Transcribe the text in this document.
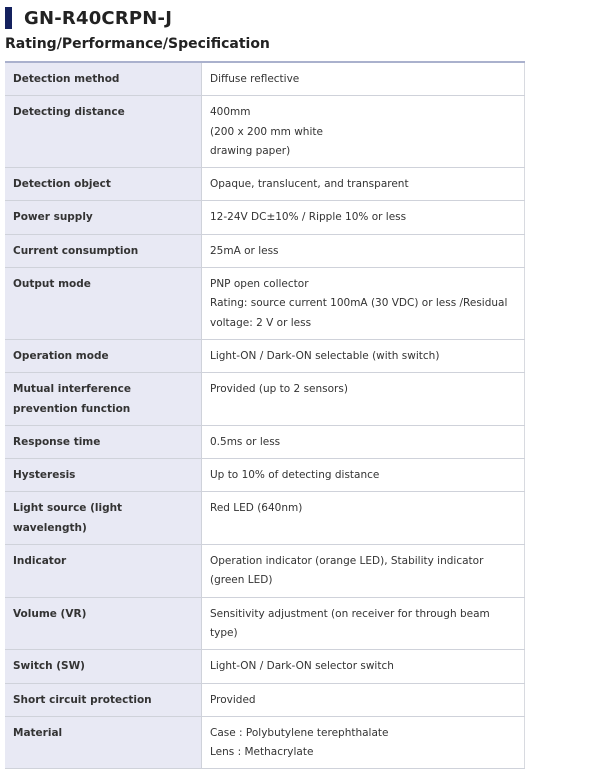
GN-R40CRPN-J
Rating/Performance/Specification
Detection method	Diffuse reflective

Detecting distance	400mm
(200 x 200 mm white
drawing paper)

Detection object	Opaque, translucent, and transparent

Power supply	12-24V DC±10% / Ripple 10% or less

Current consumption	25mA or less

Output mode	PNP open collector
Rating: source current 100mA (30 VDC) or less /Residual
voltage: 2 V or less

Operation mode	Light-ON / Dark-ON selectable (with switch)

Mutual interference prevention function	Provided (up to 2 sensors)

Response time	0.5ms or less

Hysteresis	Up to 10% of detecting distance

Light source (light wavelength)	Red LED (640nm)

Indicator	Operation indicator (orange LED), Stability indicator (green LED)

Volume (VR)	Sensitivity adjustment (on receiver for through beam type)

Switch (SW)	Light-ON / Dark-ON selector switch

Short circuit protection	Provided

Material	Case : Polybutylene terephthalate
Lens : Methacrylate
